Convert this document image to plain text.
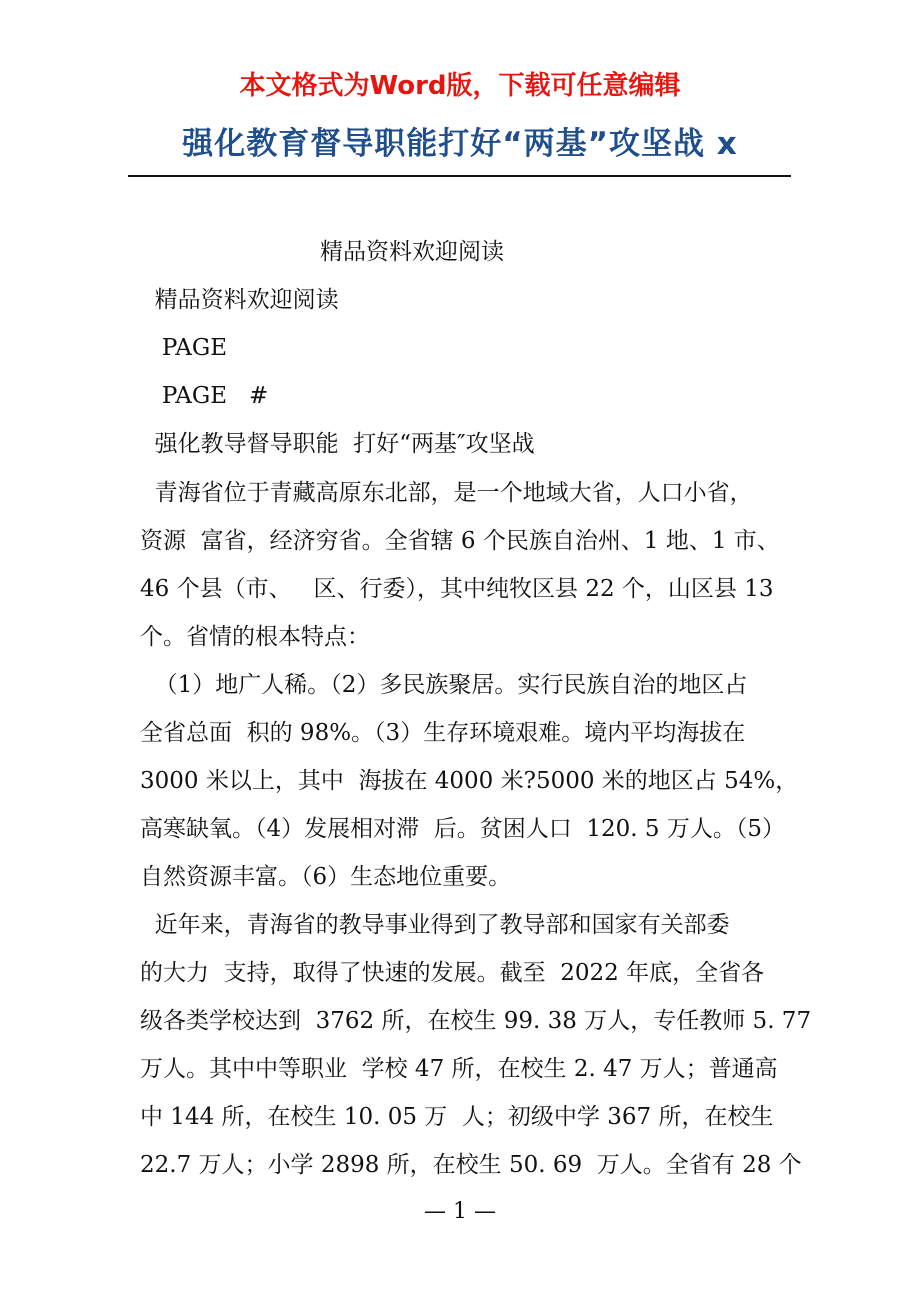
本文格式为Word版，下载可任意编辑
强化教育督导职能打好“两基”攻坚战 x
精品资料欢迎阅读
精品资料欢迎阅读
PAGE
PAGE   #
强化教导督导职能  打好“两基″攻坚战
青海省位于青藏高原东北部，是一个地域大省，人口小省，
资源  富省，经济穷省。全省辖 6 个民族自治州、1 地、1 市、
46 个县（市、   区、行委），其中纯牧区县 22 个，山区县 13
个。省情的根本特点：
（1）地广人稀。（2）多民族聚居。实行民族自治的地区占
全省总面  积的 98%。（3）生存环境艰难。境内平均海拔在
3000 米以上，其中  海拔在 4000 米?5000 米的地区占 54%，
高寒缺氧。（4）发展相对滞  后。贫困人口  120. 5 万人。（5）
自然资源丰富。（6）生态地位重要。
近年来，青海省的教导事业得到了教导部和国家有关部委
的大力  支持，取得了快速的发展。截至  2022 年底，全省各
级各类学校达到  3762 所，在校生 99. 38 万人，专任教师 5. 77
万人。其中中等职业  学校 47 所，在校生 2. 47 万人；普通高
中 144 所，在校生 10. 05 万  人；初级中学 367 所，在校生
22.7 万人；小学 2898 所，在校生 50. 69  万人。全省有 28 个
— 1 —
